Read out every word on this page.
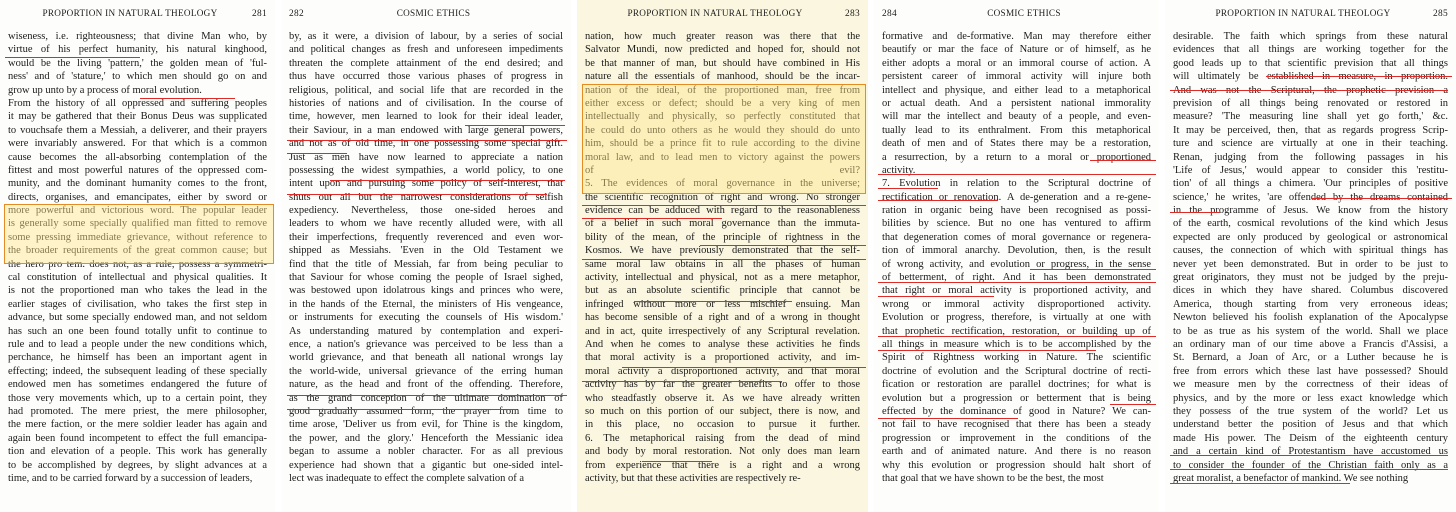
PROPORTION IN NATURAL THEOLOGY	281
wiseness, i.e. righteousness; that divine Man who, by
virtue of his perfect humanity, his natural kinghood,
would be the living 'pattern,' the golden mean of 'ful-
ness' and of 'stature,' to which men should go on and
grow up unto by a process of moral evolution.
From the history of all oppressed and suffering peoples
it may be gathered that their Bonus Deus was supplicated
to vouchsafe them a Messiah, a deliverer, and their prayers
were invariably answered. For that which is a common
cause becomes the all-absorbing contemplation of the
fittest and most powerful natures of the oppressed com-
munity, and the dominant humanity comes to the front,
directs, organises, and emancipates, either by sword or
more powerful and victorious word. The popular leader
is generally some specially qualified man fitted to remove
some pressing immediate grievance, without reference to
the broader requirements of the great common cause; but
the hero pro tem. does not, as a rule, possess a symmetri-
cal constitution of intellectual and physical qualities. It
is not the proportioned man who takes the lead in the
earlier stages of civilisation, who takes the first step in
advance, but some specially endowed man, and not seldom
has such an one been found totally unfit to continue to
rule and to lead a people under the new conditions which,
perchance, he himself has been an important agent in
effecting; indeed, the subsequent leading of these specially
endowed men has sometimes endangered the future of
those very movements which, up to a certain point, they
had promoted. The mere priest, the mere philosopher,
the mere faction, or the mere soldier leader has again and
again been found incompetent to effect the full emancipa-
tion and elevation of a people. This work has generally
to be accomplished by degrees, by slight advances at a
time, and to be carried forward by a succession of leaders,
282	COSMIC ETHICS
by, as it were, a division of labour, by a series of social
and political changes as fresh and unforeseen impediments
threaten the complete attainment of the end desired; and
thus have occurred those various phases of progress in
religious, political, and social life that are recorded in the
histories of nations and of civilisation. In the course of
time, however, men learned to look for their ideal leader,
their Saviour, in a man endowed with large general powers,
and not as of old time, in one possessing some special gift.
Just as men have now learned to appreciate a nation
possessing the widest sympathies, a world policy, to one
intent upon and pursuing some policy of self-interest, that
shuts out all but the narrowest considerations of selfish
expediency. Nevertheless, those one-sided heroes and
leaders to whom we have recently alluded were, with all
their imperfections, frequently reverenced and even wor-
shipped as Messiahs. 'Even in the Old Testament we
find that the title of Messiah, far from being peculiar to
that Saviour for whose coming the people of Israel sighed,
was bestowed upon idolatrous kings and princes who were,
in the hands of the Eternal, the ministers of His vengeance,
or instruments for executing the counsels of His wisdom.'
As understanding matured by contemplation and experi-
ence, a nation's grievance was perceived to be less than a
world grievance, and that beneath all national wrongs lay
the world-wide, universal grievance of the erring human
nature, as the head and front of the offending. Therefore,
as the grand conception of the ultimate domination of
good gradually assumed form, the prayer from time to
time arose, 'Deliver us from evil, for Thine is the kingdom,
the power, and the glory.' Henceforth the Messianic idea
began to assume a nobler character. For as all previous
experience had shown that a gigantic but one-sided intel-
lect was inadequate to effect the complete salvation of a
PROPORTION IN NATURAL THEOLOGY	283
nation, how much greater reason was there that the
Salvator Mundi, now predicted and hoped for, should not
be that manner of man, but should have combined in His
nature all the essentials of manhood, should be the incar-
nation of the ideal, of the proportioned man, free from
either excess or defect; should be a very king of men
intellectually and physically, so perfectly constituted that
he could do unto others as he would they should do unto
him, should be a prince fit to rule according to the divine
moral law, and to lead men to victory against the powers
of evil?
5. The evidences of moral governance in the universe;
the scientific recognition of right and wrong. No stronger
evidence can be adduced with regard to the reasonableness
of a belief in such moral governance than the immuta-
bility of the mean, of the principle of rightness in the
Kosmos. We have previously demonstrated that the self-
same moral law obtains in all the phases of human
activity, intellectual and physical, not as a mere metaphor,
but as an absolute scientific principle that cannot be
infringed without more or less mischief ensuing. Man
has become sensible of a right and of a wrong in thought
and in act, quite irrespectively of any Scriptural revelation.
And when he comes to analyse these activities he finds
that moral activity is a proportioned activity, and im-
moral activity a disproportioned activity, and that moral
activity has by far the greater benefits to offer to those
who steadfastly observe it. As we have already written
so much on this portion of our subject, there is now, and
in this place, no occasion to pursue it further.
6. The metaphorical raising from the dead of mind
and body by moral restoration. Not only does man learn
from experience that there is a right and a wrong
activity, but that these activities are respectively re-
284	COSMIC ETHICS
formative and de-formative. Man may therefore either
beautify or mar the face of Nature or of himself, as he
either adopts a moral or an immoral course of action. A
persistent career of immoral activity will injure both
intellect and physique, and either lead to a metaphorical
or actual death. And a persistent national immorality
will mar the intellect and beauty of a people, and even-
tually lead to its enthralment. From this metaphorical
death of men and of States there may be a restoration,
a resurrection, by a return to a moral or proportioned
activity.
7. Evolution in relation to the Scriptural doctrine of
rectification or renovation. A de-generation and a re-gene-
ration in organic being have been recognised as possi-
bilities by science. But no one has ventured to affirm
that degeneration comes of moral governance or regenera-
tion of immoral anarchy. Devolution, then, is the result
of wrong activity, and evolution or progress, in the sense
of betterment, of right. And it has been demonstrated
that right or moral activity is proportioned activity, and
wrong or immoral activity disproportioned activity.
Evolution or progress, therefore, is virtually at one with
that prophetic rectification, restoration, or building up of
all things in measure which is to be accomplished by the
Spirit of Rightness working in Nature. The scientific
doctrine of evolution and the Scriptural doctrine of recti-
fication or restoration are parallel doctrines; for what is
evolution but a progression or betterment that is being
effected by the dominance of good in Nature? We can-
not fail to have recognised that there has been a steady
progression or improvement in the conditions of the
earth and of animated nature. And there is no reason
why this evolution or progression should halt short of
that goal that we have shown to be the best, the most
PROPORTION IN NATURAL THEOLOGY	285
desirable. The faith which springs from these natural
evidences that all things are working together for the
good leads up to that scientific prevision that all things
will ultimately be established in measure, in proportion.
And was not the Scriptural, the prophetic prevision a
prevision of all things being renovated or restored in
measure? 'The measuring line shall yet go forth,' &c.
It may be perceived, then, that as regards progress Scrip-
ture and science are virtually at one in their teaching.
Renan, judging from the following passages in his
'Life of Jesus,' would appear to consider this 'restitu-
tion' of all things a chimera. 'Our principles of positive
science,' he writes, 'are offended by the dreams contained
in the programme of Jesus. We know from the history
of the earth, cosmical revolutions of the kind which Jesus
expected are only produced by geological or astronomical
causes, the connection of which with spiritual things has
never yet been demonstrated. But in order to be just to
great originators, they must not be judged by the preju-
dices in which they have shared. Columbus discovered
America, though starting from very erroneous ideas;
Newton believed his foolish explanation of the Apocalypse
to be as true as his system of the world. Shall we place
an ordinary man of our time above a Francis d'Assisi, a
St. Bernard, a Joan of Arc, or a Luther because he is
free from errors which these last have possessed? Should
we measure men by the correctness of their ideas of
physics, and by the more or less exact knowledge which
they possess of the true system of the world? Let us
understand better the position of Jesus and that which
made His power. The Deism of the eighteenth century
and a certain kind of Protestantism have accustomed us
to consider the founder of the Christian faith only as a
great moralist, a benefactor of mankind. We see nothing
